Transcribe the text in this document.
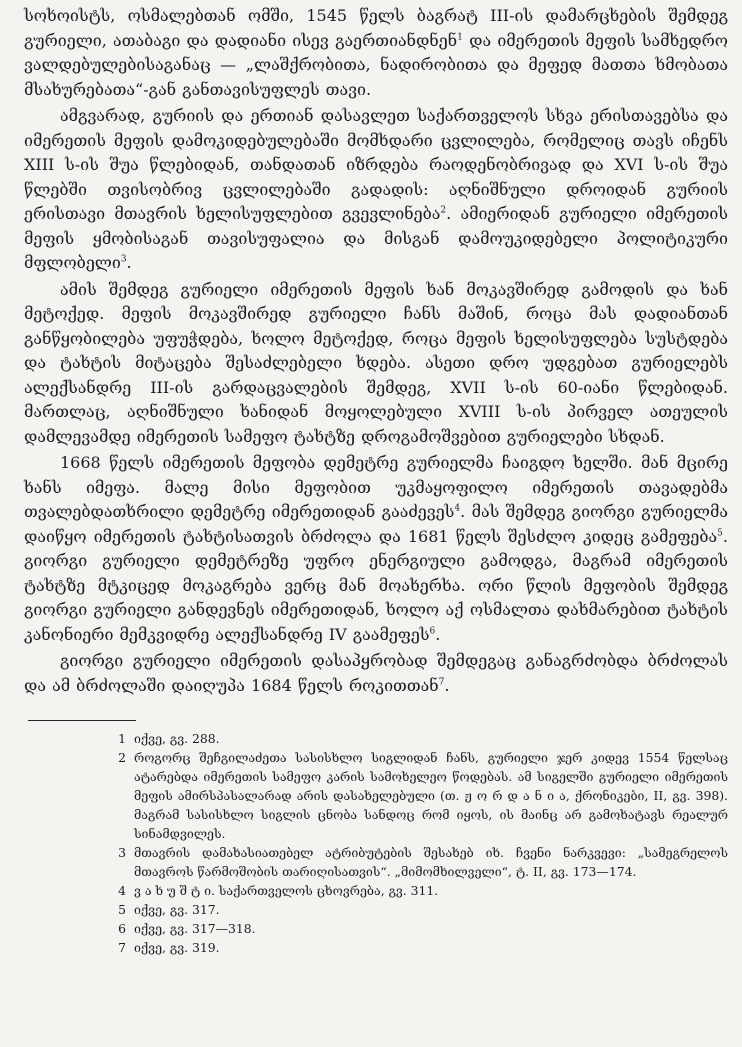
სოხოისტს, ოსმალებთან ომში, 1545 წელს ბაგრატ III-ის დამარცხების შემდეგ გურიელი, ათაბაგი და დადიანი ისევ გაერთიანდნენ$^1$ და იმერეთის მეფის სამხედრო ვალდებულებისაგანაც — „ლაშქრობითა, ნადირობითა და მეფედ მათთა ხმობათა მსახურებათა“-გან განთავისუფლეს თავი.

ამგვარად, გურიის და ერთიან დასავლეთ საქართველოს სხვა ერისთავებსა და იმერეთის მეფის დამოკიდებულებაში მომხდარი ცვლილება, რომელიც თავს იჩენს XIII ს-ის შუა წლებიდან, თანდათან იზრდება რაოდენობრივად და XVI ს-ის შუა წლებში თვისობრივ ცვლილებაში გადადის: აღნიშნული დროიდან გურიის ერისთავი მთავრის ხელისუფლებით გვევლინება$^2$. ამიერიდან გურიელი იმერეთის მეფის ყმობისაგან თავისუფალია და მისგან დამოუკიდებელი პოლიტიკური მფლობელი$^3$.

ამის შემდეგ გურიელი იმერეთის მეფის ხან მოკავშირედ გამოდის და ხან მეტოქედ. მეფის მოკავშირედ გურიელი ჩანს მაშინ, როცა მას დადიანთან განწყობილება უფუჭდება, ხოლო მეტოქედ, როცა მეფის ხელისუფლება სუსტდება და ტახტის მიტაცება შესაძლებელი ხდება. ასეთი დრო უდგებათ გურიელებს ალექსანდრე III-ის გარდაცვალების შემდეგ, XVII ს-ის 60-იანი წლებიდან. მართლაც, აღნიშნული ხანიდან მოყოლებული XVIII ს-ის პირველ ათეულის დამლევამდე იმერეთის სამეფო ტახტზე დროგამოშვებით გურიელები სხდან.

1668 წელს იმერეთის მეფობა დემეტრე გურიელმა ჩაიგდო ხელში. მან მცირე ხანს იმეფა. მალე მისი მეფობით უკმაყოფილო იმერეთის თავადებმა თვალებდათხრილი დემეტრე იმერეთიდან გააძევეს$^4$. მას შემდეგ გიორგი გურიელმა დაიწყო იმერეთის ტახტისათვის ბრძოლა და 1681 წელს შესძლო კიდეც გამეფება$^5$. გიორგი გურიელი დემეტრეზე უფრო ენერგიული გამოდგა, მაგრამ იმერეთის ტახტზე მტკიცედ მოკაგრება ვერც მან მოახერხა. ორი წლის მეფობის შემდეგ გიორგი გურიელი განდევნეს იმერეთიდან, ხოლო აქ ოსმალთა დახმარებით ტახტის კანონიერი მემკვიდრე ალექსანდრე IV გაამეფეს$^6$.

გიორგი გურიელი იმერეთის დასაპყრობად შემდეგაც განაგრძობდა ბრძოლას და ამ ბრძოლაში დაიღუპა 1684 წელს როკითთან$^7$.

1 იქვე, გვ. 288.
2 როგორც შეჩგილაძეთა სასისხლო სიგლიდან ჩანს, გურიელი ჯერ კიდევ 1554 წელსაც ატარებდა იმერეთის სამეფო კარის სამოხელეო წოდებას. ამ სიგელში გურიელი იმერეთის მეფის ამირსპასალარად არის დასახელებული (თ. ჟ ო რ დ ა ნ ი ა, ქრონიკები, II, გვ. 398). მაგრამ სასისხლო სიგლის ცნობა სანდოც რომ იყოს, ის მაინც არ გამოხატავს რეალურ სინამდვილეს.
3 მთავრის დამახასიათებელ ატრიბუტების შესახებ იხ. ჩვენი ნარკვევი: „სამეგრელოს მთავროს წარმოშობის თარიღისათვის“. „მიმომხილველი“, ტ. II, გვ. 173—174.
4 ვ ა ხ უ შ ტ ი. საქართველოს ცხოვრება, გვ. 311.
5 იქვე, გვ. 317.
6 იქვე, გვ. 317—318.
7 იქვე, გვ. 319.
